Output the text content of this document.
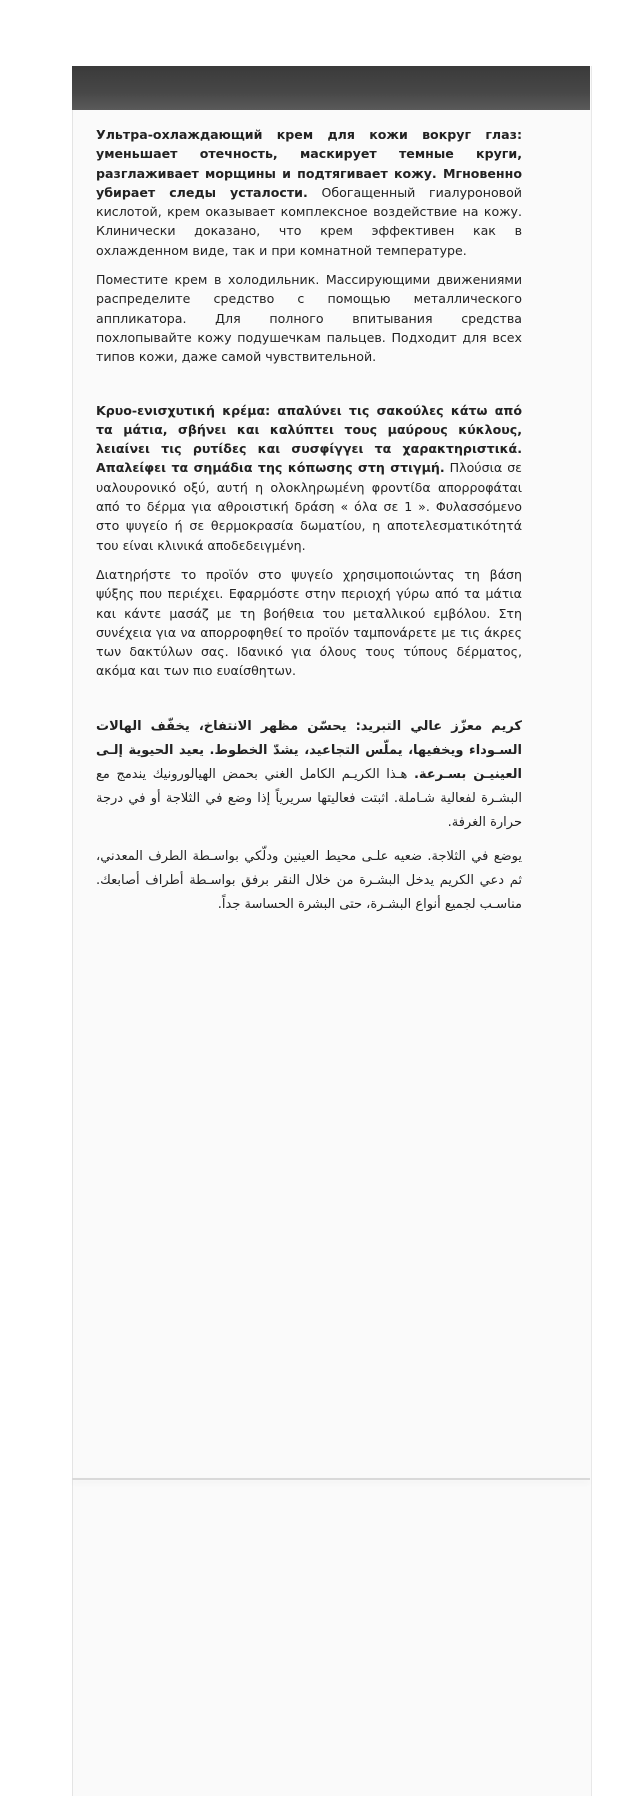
Ультра-охлаждающий крем для кожи вокруг глаз: уменьшает отечность, маскирует темные круги, разглаживает морщины и подтягивает кожу. Мгновенно убирает следы усталости. Обогащенный гиалуроновой кислотой, крем оказывает комплексное воздействие на кожу. Клинически доказано, что крем эффективен как в охлажденном виде, так и при комнатной температуре.

Поместите крем в холодильник. Массирующими движениями распределите средство с помощью металлического аппликатора. Для полного впитывания средства похлопывайте кожу подушечкам пальцев. Подходит для всех типов кожи, даже самой чувствительной.

Κρυο-ενισχυτική κρέμα: απαλύνει τις σακούλες κάτω από τα μάτια, σβήνει και καλύπτει τους μαύρους κύκλους, λειαίνει τις ρυτίδες και συσφίγγει τα χαρακτηριστικά. Απαλείφει τα σημάδια της κόπωσης στη στιγμή. Πλούσια σε υαλουρονικό οξύ, αυτή η ολοκληρωμένη φροντίδα απορροφάται από το δέρμα για αθροιστική δράση « όλα σε 1 ». Φυλασσόμενο στο ψυγείο ή σε θερμοκρασία δωματίου, η αποτελεσματικότητά του είναι κλινικά αποδεδειγμένη.

Διατηρήστε το προϊόν στο ψυγείο χρησιμοποιώντας τη βάση ψύξης που περιέχει. Εφαρμόστε στην περιοχή γύρω από τα μάτια και κάντε μασάζ με τη βοήθεια του μεταλλικού εμβόλου. Στη συνέχεια για να απορροφηθεί το προϊόν ταμπονάρετε με τις άκρες των δακτύλων σας. Ιδανικό για όλους τους τύπους δέρματος, ακόμα και των πιο ευαίσθητων.

كريم معزّز عالي التبريد: يحسّن مظهر الانتفاخ، يخفّف الهالات السـوداء ويخفيها، يملّس التجاعيد، يشدّ الخطوط. يعيد الحيوية إلـى العينيـن بسـرعة. هـذا الكريـم الكامل الغني بحمض الهيالورونيك يندمج مع البشـرة لفعالية شـاملة. اثبتت فعاليتها سريرياً إذا وضع في الثلاجة أو في درجة حرارة الغرفة.

يوضع في الثلاجة. ضعيه علـى محيط العينين ودلّكي بواسـطة الطرف المعدني، ثم دعي الكريم يدخل البشـرة من خلال النقر برفق بواسـطة أطراف أصابعك. مناسـب لجميع أنواع البشـرة، حتى البشرة الحساسة جداً.
